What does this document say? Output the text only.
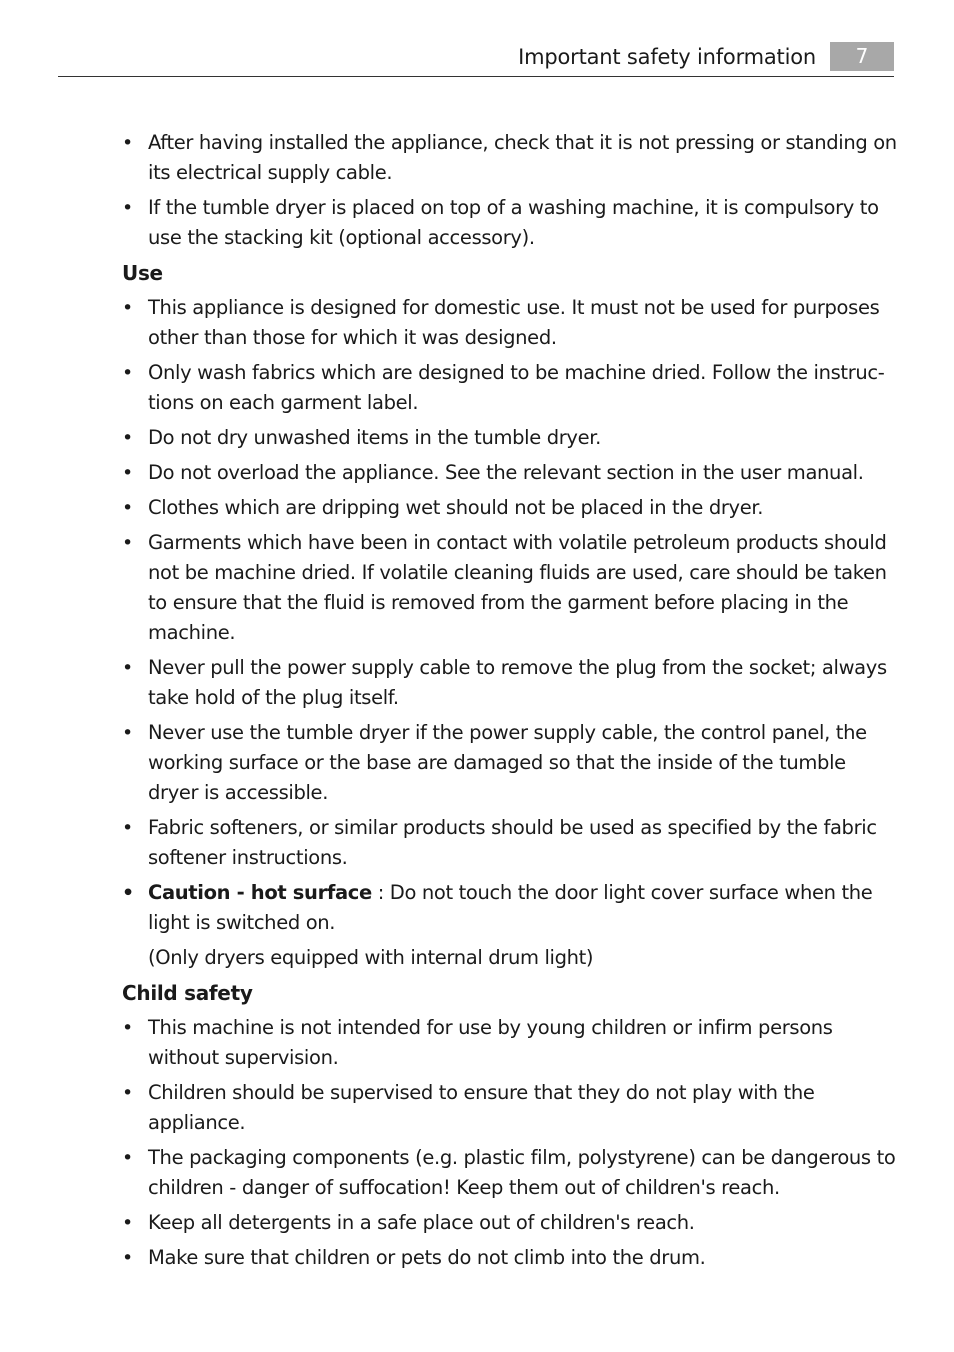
Important safety information	7
• After having installed the appliance, check that it is not pressing or standing on its electrical supply cable.
• If the tumble dryer is placed on top of a washing machine, it is compulsory to use the stacking kit (optional accessory).
Use
• This appliance is designed for domestic use. It must not be used for purposes other than those for which it was designed.
• Only wash fabrics which are designed to be machine dried. Follow the instruc-tions on each garment label.
• Do not dry unwashed items in the tumble dryer.
• Do not overload the appliance. See the relevant section in the user manual.
• Clothes which are dripping wet should not be placed in the dryer.
• Garments which have been in contact with volatile petroleum products should not be machine dried. If volatile cleaning fluids are used, care should be taken to ensure that the fluid is removed from the garment before placing in the machine.
• Never pull the power supply cable to remove the plug from the socket; always take hold of the plug itself.
• Never use the tumble dryer if the power supply cable, the control panel, the working surface or the base are damaged so that the inside of the tumble dryer is accessible.
• Fabric softeners, or similar products should be used as specified by the fabric softener instructions.
• Caution - hot surface : Do not touch the door light cover surface when the light is switched on.
(Only dryers equipped with internal drum light)
Child safety
• This machine is not intended for use by young children or infirm persons without supervision.
• Children should be supervised to ensure that they do not play with the appliance.
• The packaging components (e.g. plastic film, polystyrene) can be dangerous to children - danger of suffocation! Keep them out of children's reach.
• Keep all detergents in a safe place out of children's reach.
• Make sure that children or pets do not climb into the drum.
